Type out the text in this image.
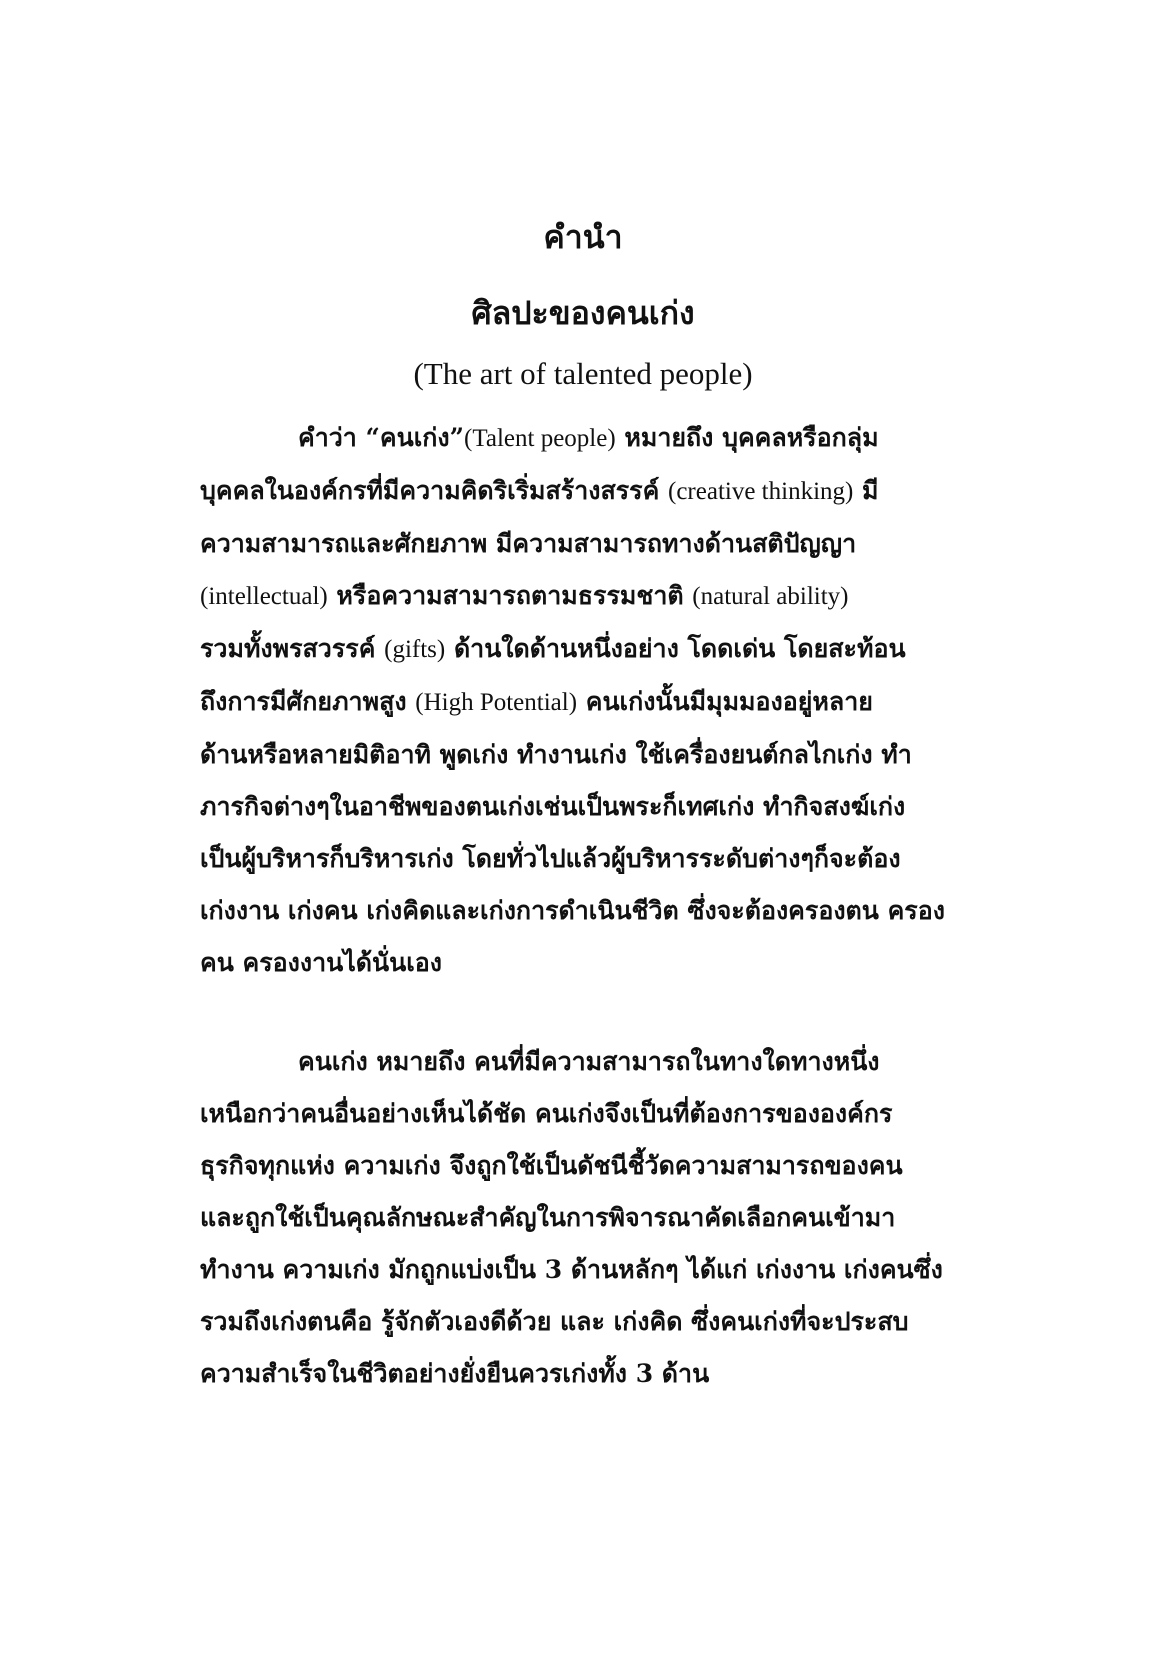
คำนำ
ศิลปะของคนเก่ง
(The art of talented people)
คำว่า “คนเก่ง”(Talent people) หมายถึง บุคคลหรือกลุ่ม
บุคคลในองค์กรที่มีความคิดริเริ่มสร้างสรรค์ (creative thinking) มี
ความสามารถและศักยภาพ มีความสามารถทางด้านสติปัญญา
(intellectual) หรือความสามารถตามธรรมชาติ (natural ability)
รวมทั้งพรสวรรค์ (gifts) ด้านใดด้านหนึ่งอย่าง โดดเด่น โดยสะท้อน
ถึงการมีศักยภาพสูง (High Potential) คนเก่งนั้นมีมุมมองอยู่หลาย
ด้านหรือหลายมิติอาทิ พูดเก่ง ทำงานเก่ง ใช้เครื่องยนต์กลไกเก่ง ทำ
ภารกิจต่างๆในอาชีพของตนเก่งเช่นเป็นพระก็เทศเก่ง ทำกิจสงฆ์เก่ง
เป็นผู้บริหารก็บริหารเก่ง โดยทั่วไปแล้วผู้บริหารระดับต่างๆก็จะต้อง
เก่งงาน เก่งคน เก่งคิดและเก่งการดำเนินชีวิต ซึ่งจะต้องครองตน ครอง
คน ครองงานได้นั่นเอง
คนเก่ง หมายถึง คนที่มีความสามารถในทางใดทางหนึ่ง
เหนือกว่าคนอื่นอย่างเห็นได้ชัด คนเก่งจึงเป็นที่ต้องการขององค์กร
ธุรกิจทุกแห่ง ความเก่ง จึงถูกใช้เป็นดัชนีชี้วัดความสามารถของคน
และถูกใช้เป็นคุณลักษณะสำคัญในการพิจารณาคัดเลือกคนเข้ามา
ทำงาน ความเก่ง มักถูกแบ่งเป็น 3 ด้านหลักๆ ได้แก่ เก่งงาน เก่งคนซึ่ง
รวมถึงเก่งตนคือ รู้จักตัวเองดีด้วย และ เก่งคิด ซึ่งคนเก่งที่จะประสบ
ความสำเร็จในชีวิตอย่างยั่งยืนควรเก่งทั้ง 3 ด้าน
